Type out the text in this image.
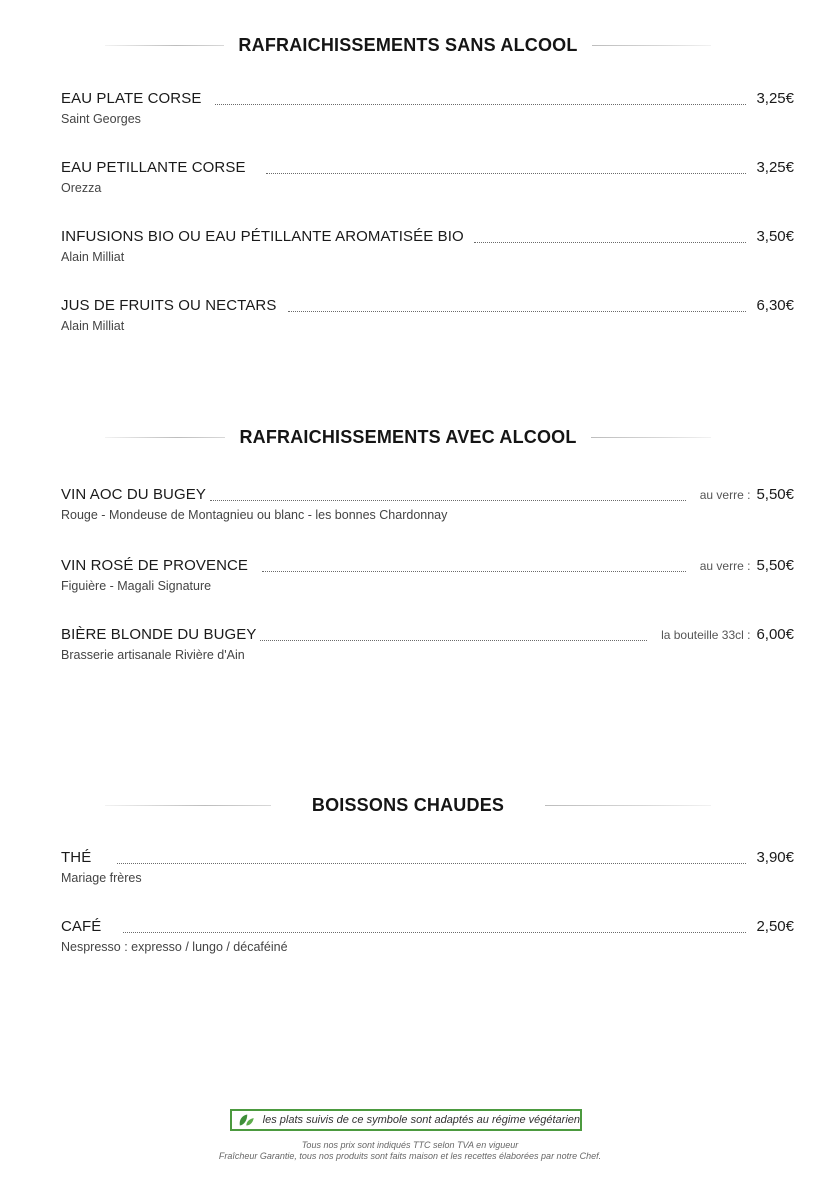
RAFRAICHISSEMENTS SANS ALCOOL
EAU PLATE CORSE	3,25€
Saint Georges
EAU PETILLANTE CORSE	3,25€
Orezza
INFUSIONS BIO OU EAU PÉTILLANTE AROMATISÉE BIO	3,50€
Alain Milliat
JUS DE FRUITS OU NECTARS	6,30€
Alain Milliat
RAFRAICHISSEMENTS AVEC ALCOOL
VIN AOC DU BUGEY	au verre : 5,50€
Rouge - Mondeuse de Montagnieu ou blanc - les bonnes Chardonnay
VIN ROSÉ DE PROVENCE	au verre : 5,50€
Figuière - Magali Signature
BIÈRE BLONDE DU BUGEY	la bouteille 33cl : 6,00€
Brasserie artisanale Rivière d'Ain
BOISSONS CHAUDES
THÉ	3,90€
Mariage frères
CAFÉ	2,50€
Nespresso : expresso / lungo / décaféiné
les plats suivis de ce symbole sont adaptés au régime végétarien
Tous nos prix sont indiqués TTC selon TVA en vigueur
Fraîcheur Garantie, tous nos produits sont faits maison et les recettes élaborées par notre Chef.
